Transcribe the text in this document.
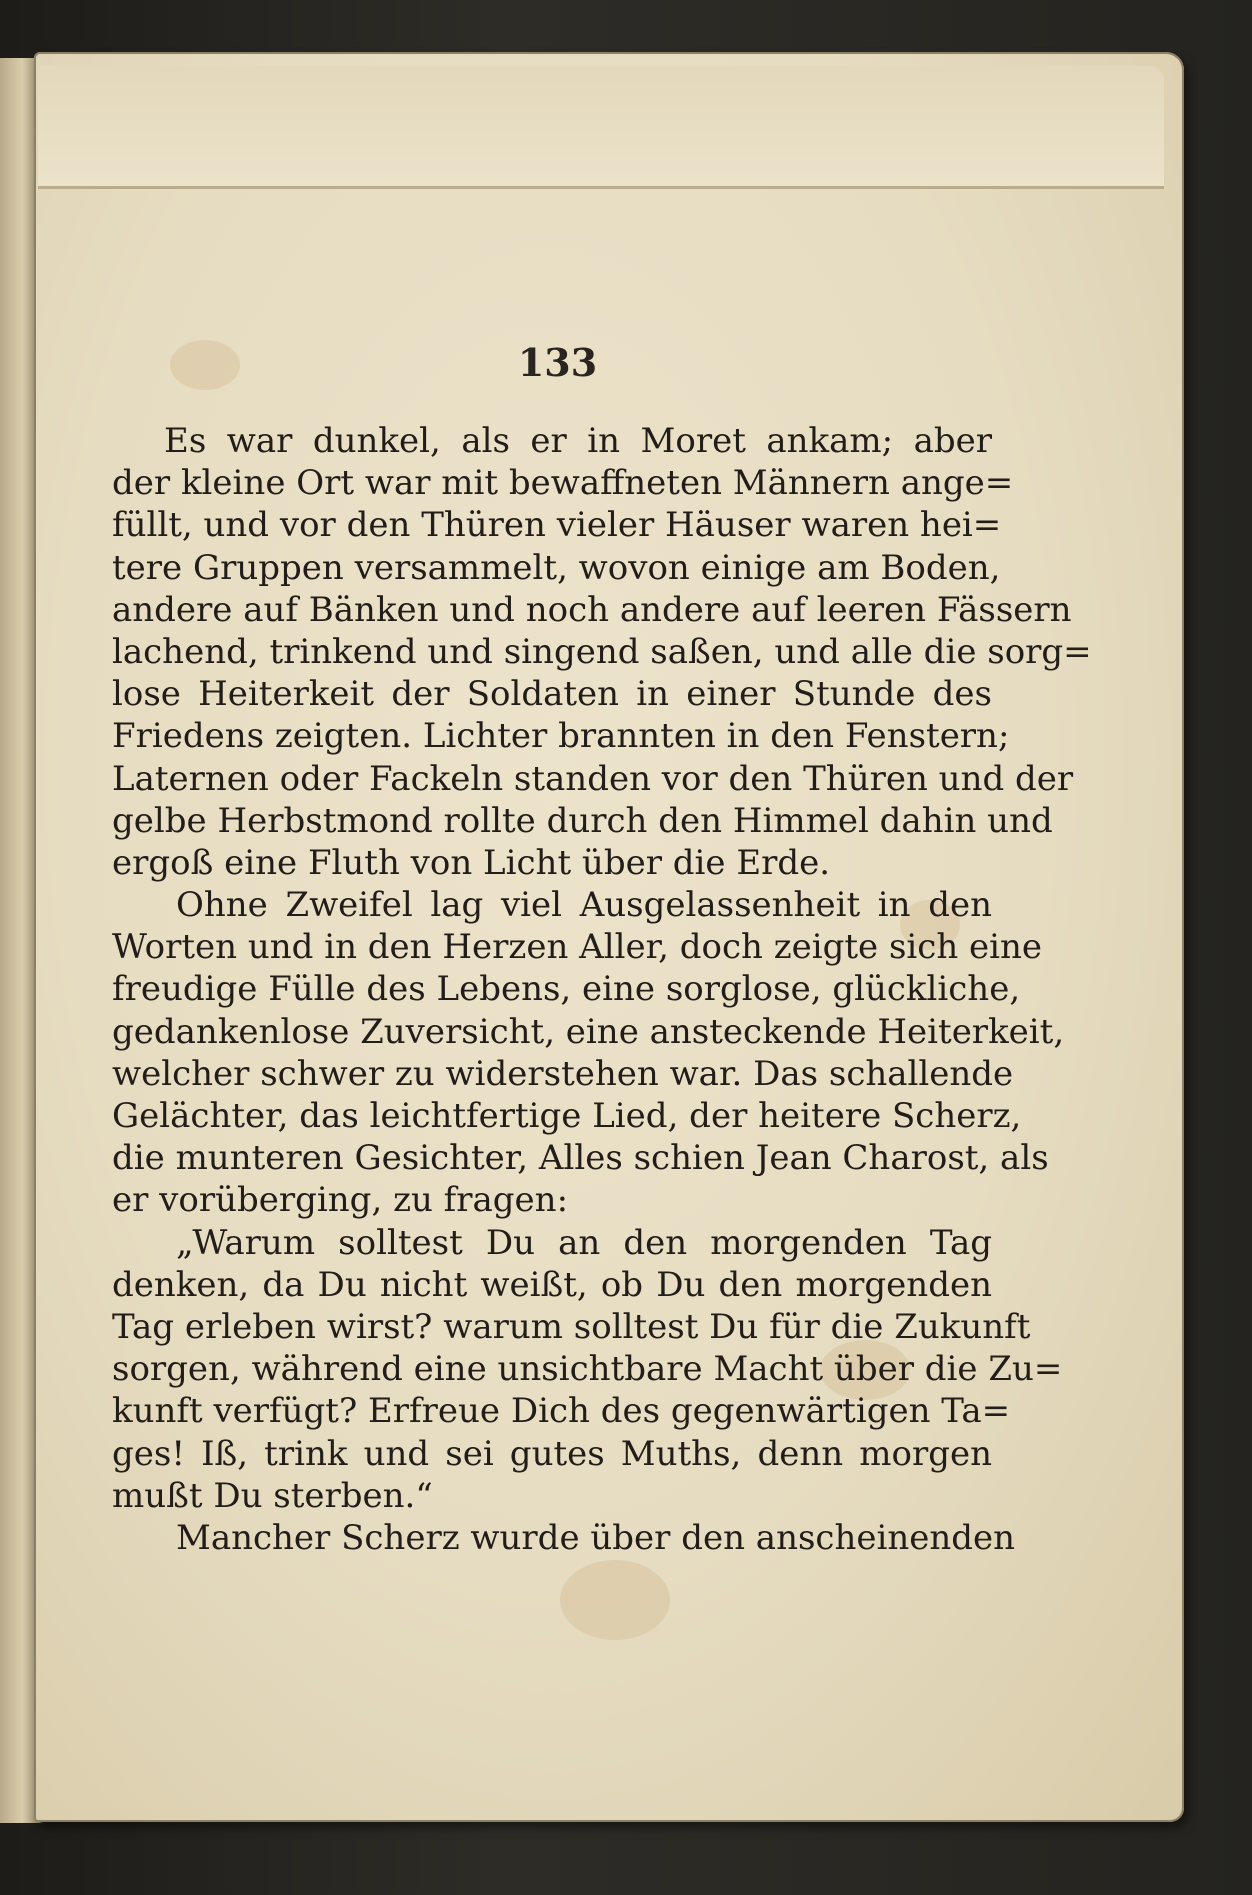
133
Es war dunkel, als er in Moret ankam; aber
der kleine Ort war mit bewaffneten Männern ange=
füllt, und vor den Thüren vieler Häuser waren hei=
tere Gruppen versammelt, wovon einige am Boden,
andere auf Bänken und noch andere auf leeren Fässern
lachend, trinkend und singend saßen, und alle die sorg=
lose Heiterkeit der Soldaten in einer Stunde des
Friedens zeigten. Lichter brannten in den Fenstern;
Laternen oder Fackeln standen vor den Thüren und der
gelbe Herbstmond rollte durch den Himmel dahin und
ergoß eine Fluth von Licht über die Erde.
Ohne Zweifel lag viel Ausgelassenheit in den
Worten und in den Herzen Aller, doch zeigte sich eine
freudige Fülle des Lebens, eine sorglose, glückliche,
gedankenlose Zuversicht, eine ansteckende Heiterkeit,
welcher schwer zu widerstehen war. Das schallende
Gelächter, das leichtfertige Lied, der heitere Scherz,
die munteren Gesichter, Alles schien Jean Charost, als
er vorüberging, zu fragen:
„Warum solltest Du an den morgenden Tag
denken, da Du nicht weißt, ob Du den morgenden
Tag erleben wirst? warum solltest Du für die Zukunft
sorgen, während eine unsichtbare Macht über die Zu=
kunft verfügt? Erfreue Dich des gegenwärtigen Ta=
ges! Iß, trink und sei gutes Muths, denn morgen
mußt Du sterben.“
Mancher Scherz wurde über den anscheinenden
